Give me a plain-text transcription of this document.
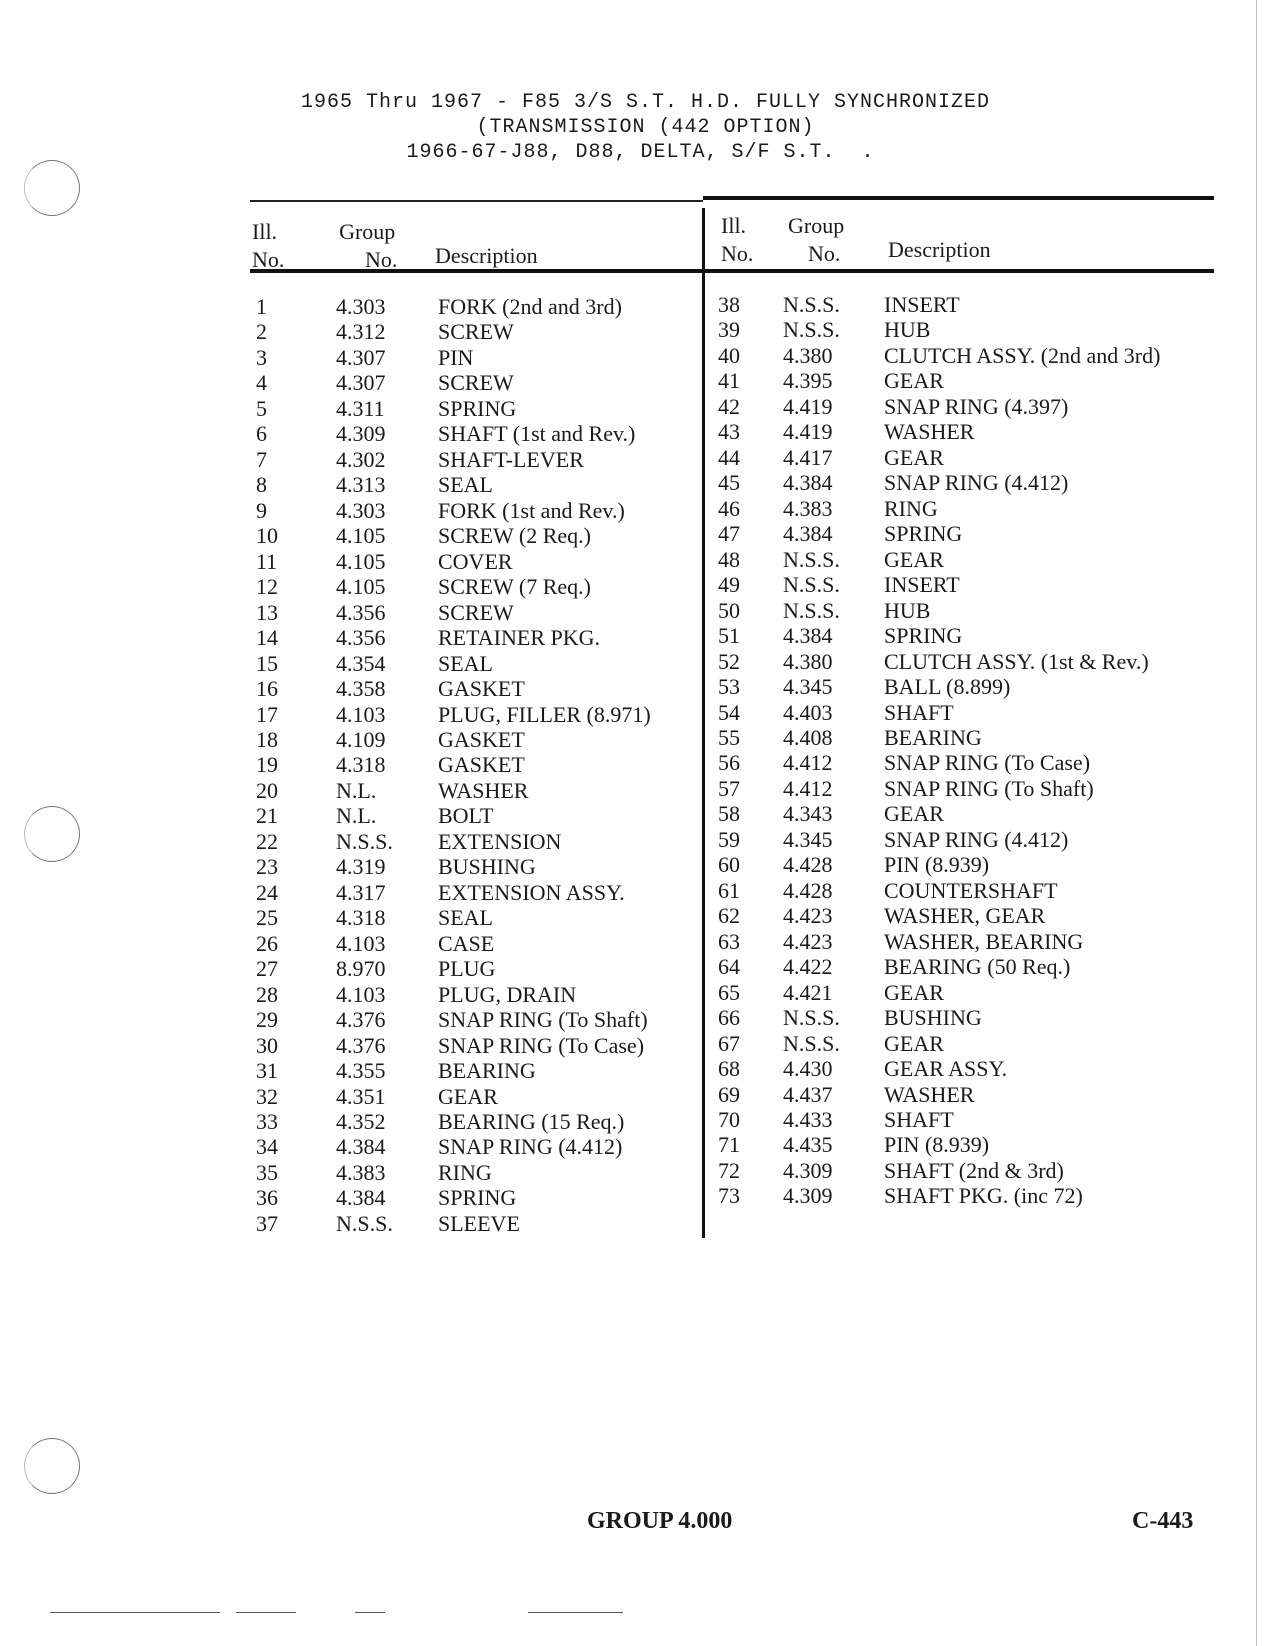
1965 Thru 1967 - F85 3/S S.T. H.D. FULLY SYNCHRONIZED
(TRANSMISSION (442 OPTION)
1966-67-J88, D88, DELTA, S/F S.T.  .
Ill.
No.
Group
No. Description
Ill.
No.
Group
No. Description
1	4.303 FORK (2nd and 3rd)
2	4.312 SCREW
3	4.307 PIN
4	4.307 SCREW
5	4.311 SPRING
6	4.309 SHAFT (1st and Rev.)
7	4.302 SHAFT-LEVER
8	4.313 SEAL
9	4.303 FORK (1st and Rev.)
10	4.105 SCREW (2 Req.)
11	4.105 COVER
12	4.105 SCREW (7 Req.)
13	4.356 SCREW
14	4.356 RETAINER PKG.
15	4.354 SEAL
16	4.358 GASKET
17	4.103 PLUG, FILLER (8.971)
18	4.109 GASKET
19	4.318 GASKET
20	N.L.	WASHER
21	N.L.	BOLT
22	N.S.S. EXTENSION
23	4.319 BUSHING
24	4.317 EXTENSION ASSY.
25	4.318 SEAL
26	4.103 CASE
27	8.970 PLUG
28	4.103 PLUG, DRAIN
29	4.376 SNAP RING (To Shaft)
30	4.376 SNAP RING (To Case)
31	4.355 BEARING
32	4.351 GEAR
33	4.352 BEARING (15 Req.)
34	4.384 SNAP RING (4.412)
35	4.383 RING
36	4.384 SPRING
37	N.S.S. SLEEVE
38 N.S.S. INSERT
39 N.S.S. HUB
40 4.380 CLUTCH ASSY. (2nd and 3rd)
41 4.395 GEAR
42 4.419 SNAP RING (4.397)
43 4.419 WASHER
44 4.417 GEAR
45 4.384 SNAP RING (4.412)
46 4.383 RING
47 4.384 SPRING
48 N.S.S. GEAR
49 N.S.S. INSERT
50 N.S.S. HUB
51 4.384 SPRING
52 4.380 CLUTCH ASSY. (1st & Rev.)
53 4.345 BALL (8.899)
54 4.403 SHAFT
55 4.408 BEARING
56 4.412 SNAP RING (To Case)
57 4.412 SNAP RING (To Shaft)
58 4.343 GEAR
59 4.345 SNAP RING (4.412)
60 4.428 PIN (8.939)
61 4.428 COUNTERSHAFT
62 4.423 WASHER, GEAR
63 4.423 WASHER, BEARING
64 4.422 BEARING (50 Req.)
65 4.421 GEAR
66 N.S.S. BUSHING
67 N.S.S. GEAR
68 4.430 GEAR ASSY.
69 4.437 WASHER
70 4.433 SHAFT
71 4.435 PIN (8.939)
72 4.309 SHAFT (2nd & 3rd)
73 4.309 SHAFT PKG. (inc 72)
GROUP 4.000	C-443
